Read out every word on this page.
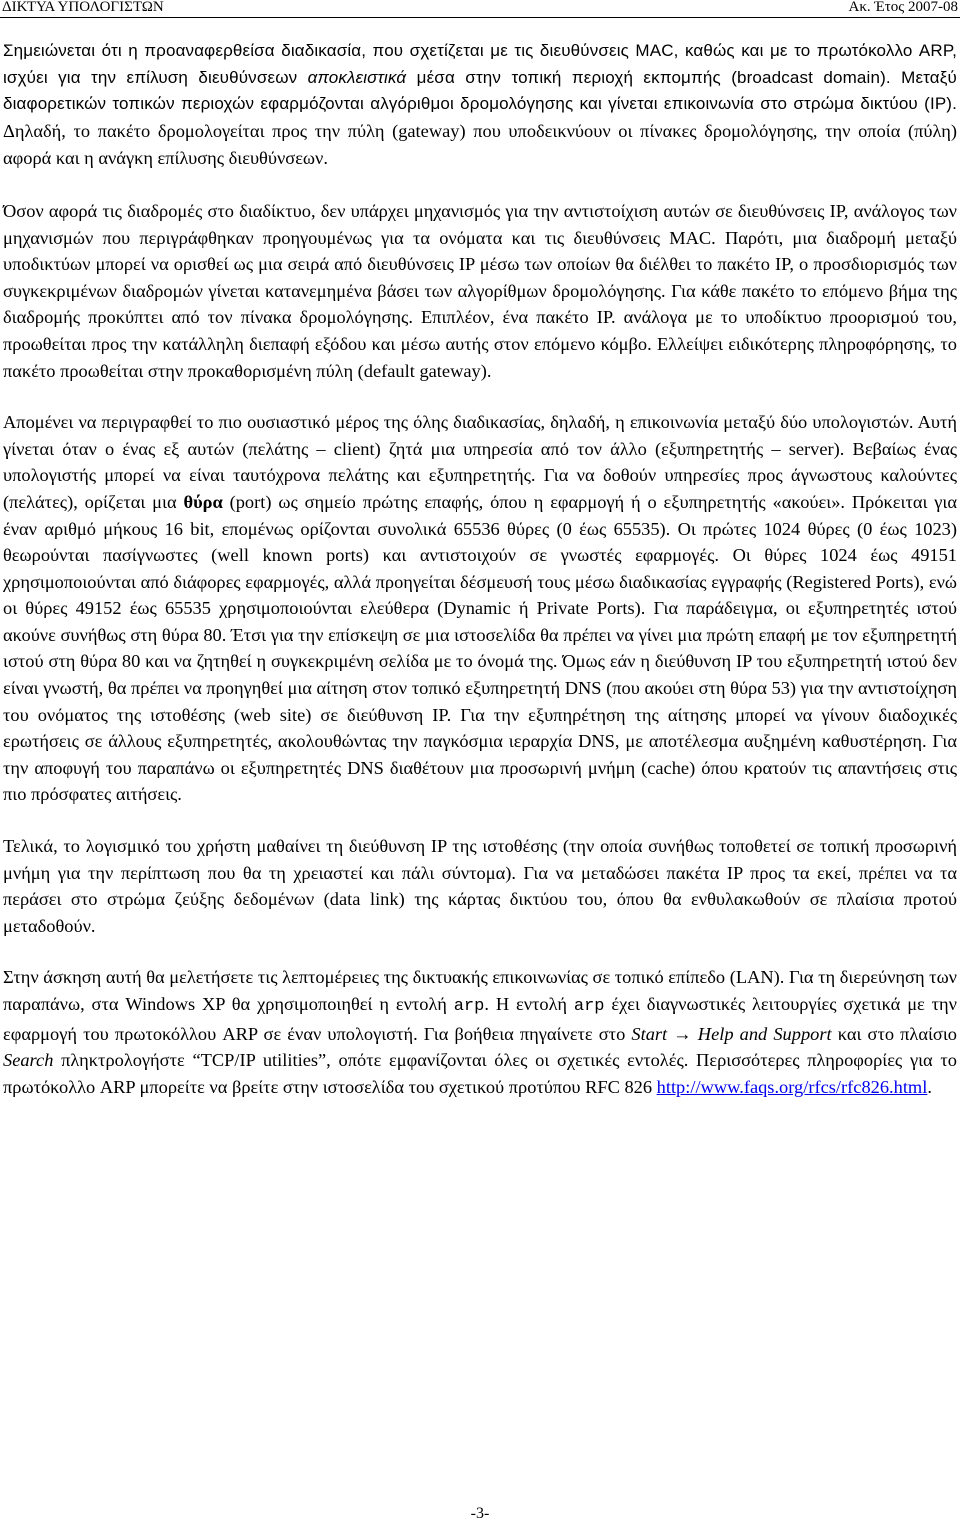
ΔΙΚΤΥΑ ΥΠΟΛΟΓΙΣΤΩΝ	Ακ. Έτος 2007-08

Σημειώνεται ότι η προαναφερθείσα διαδικασία, που σχετίζεται με τις διευθύνσεις MAC, καθώς και με το πρωτόκολλο ARP, ισχύει για την επίλυση διευθύνσεων αποκλειστικά μέσα στην τοπική περιοχή εκπομπής (broadcast domain). Μεταξύ διαφορετικών τοπικών περιοχών εφαρμόζονται αλγόριθμοι δρομολόγησης και γίνεται επικοινωνία στο στρώμα δικτύου (IP). Δηλαδή, το πακέτο δρομολογείται προς την πύλη (gateway) που υποδεικνύουν οι πίνακες δρομολόγησης, την οποία (πύλη) αφορά και η ανάγκη επίλυσης διευθύνσεων.

Όσον αφορά τις διαδρομές στο διαδίκτυο, δεν υπάρχει μηχανισμός για την αντιστοίχιση αυτών σε διευθύνσεις IP, ανάλογος των μηχανισμών που περιγράφθηκαν προηγουμένως για τα ονόματα και τις διευθύνσεις MAC. Παρότι, μια διαδρομή μεταξύ υποδικτύων μπορεί να ορισθεί ως μια σειρά από διευθύνσεις IP μέσω των οποίων θα διέλθει το πακέτο IP, ο προσδιορισμός των συγκεκριμένων διαδρομών γίνεται κατανεμημένα βάσει των αλγορίθμων δρομολόγησης. Για κάθε πακέτο το επόμενο βήμα της διαδρομής προκύπτει από τον πίνακα δρομολόγησης. Επιπλέον, ένα πακέτο IP. ανάλογα με το υποδίκτυο προορισμού του, προωθείται προς την κατάλληλη διεπαφή εξόδου και μέσω αυτής στον επόμενο κόμβο. Ελλείψει ειδικότερης πληροφόρησης, το πακέτο προωθείται στην προκαθορισμένη πύλη (default gateway).

Απομένει να περιγραφθεί το πιο ουσιαστικό μέρος της όλης διαδικασίας, δηλαδή, η επικοινωνία μεταξύ δύο υπολογιστών. Αυτή γίνεται όταν ο ένας εξ αυτών (πελάτης – client) ζητά μια υπηρεσία από τον άλλο (εξυπηρετητής – server). Βεβαίως ένας υπολογιστής μπορεί να είναι ταυτόχρονα πελάτης και εξυπηρετητής. Για να δοθούν υπηρεσίες προς άγνωστους καλούντες (πελάτες), ορίζεται μια θύρα (port) ως σημείο πρώτης επαφής, όπου η εφαρμογή ή ο εξυπηρετητής «ακούει». Πρόκειται για έναν αριθμό μήκους 16 bit, επομένως ορίζονται συνολικά 65536 θύρες (0 έως 65535). Οι πρώτες 1024 θύρες (0 έως 1023) θεωρούνται πασίγνωστες (well known ports) και αντιστοιχούν σε γνωστές εφαρμογές. Οι θύρες 1024 έως 49151 χρησιμοποιούνται από διάφορες εφαρμογές, αλλά προηγείται δέσμευσή τους μέσω διαδικασίας εγγραφής (Registered Ports), ενώ οι θύρες 49152 έως 65535 χρησιμοποιούνται ελεύθερα (Dynamic ή Private Ports). Για παράδειγμα, οι εξυπηρετητές ιστού ακούνε συνήθως στη θύρα 80. Έτσι για την επίσκεψη σε μια ιστοσελίδα θα πρέπει να γίνει μια πρώτη επαφή με τον εξυπηρετητή ιστού στη θύρα 80 και να ζητηθεί η συγκεκριμένη σελίδα με το όνομά της. Όμως εάν η διεύθυνση IP του εξυπηρετητή ιστού δεν είναι γνωστή, θα πρέπει να προηγηθεί μια αίτηση στον τοπικό εξυπηρετητή DNS (που ακούει στη θύρα 53) για την αντιστοίχηση του ονόματος της ιστοθέσης (web site) σε διεύθυνση IP. Για την εξυπηρέτηση της αίτησης μπορεί να γίνουν διαδοχικές ερωτήσεις σε άλλους εξυπηρετητές, ακολουθώντας την παγκόσμια ιεραρχία DNS, με αποτέλεσμα αυξημένη καθυστέρηση. Για την αποφυγή του παραπάνω οι εξυπηρετητές DNS διαθέτουν μια προσωρινή μνήμη (cache) όπου κρατούν τις απαντήσεις στις πιο πρόσφατες αιτήσεις.

Τελικά, το λογισμικό του χρήστη μαθαίνει τη διεύθυνση IP της ιστοθέσης (την οποία συνήθως τοποθετεί σε τοπική προσωρινή μνήμη για την περίπτωση που θα τη χρειαστεί και πάλι σύντομα). Για να μεταδώσει πακέτα IP προς τα εκεί, πρέπει να τα περάσει στο στρώμα ζεύξης δεδομένων (data link) της κάρτας δικτύου του, όπου θα ενθυλακωθούν σε πλαίσια προτού μεταδοθούν.

Στην άσκηση αυτή θα μελετήσετε τις λεπτομέρειες της δικτυακής επικοινωνίας σε τοπικό επίπεδο (LAN). Για τη διερεύνηση των παραπάνω, στα Windows XP θα χρησιμοποιηθεί η εντολή arp. Η εντολή arp έχει διαγνωστικές λειτουργίες σχετικά με την εφαρμογή του πρωτοκόλλου ARP σε έναν υπολογιστή. Για βοήθεια πηγαίνετε στο Start → Help and Support και στο πλαίσιο Search πληκτρολογήστε “TCP/IP utilities”, οπότε εμφανίζονται όλες οι σχετικές εντολές. Περισσότερες πληροφορίες για το πρωτόκολλο ARP μπορείτε να βρείτε στην ιστοσελίδα του σχετικού προτύπου RFC 826 http://www.faqs.org/rfcs/rfc826.html.

-3-
